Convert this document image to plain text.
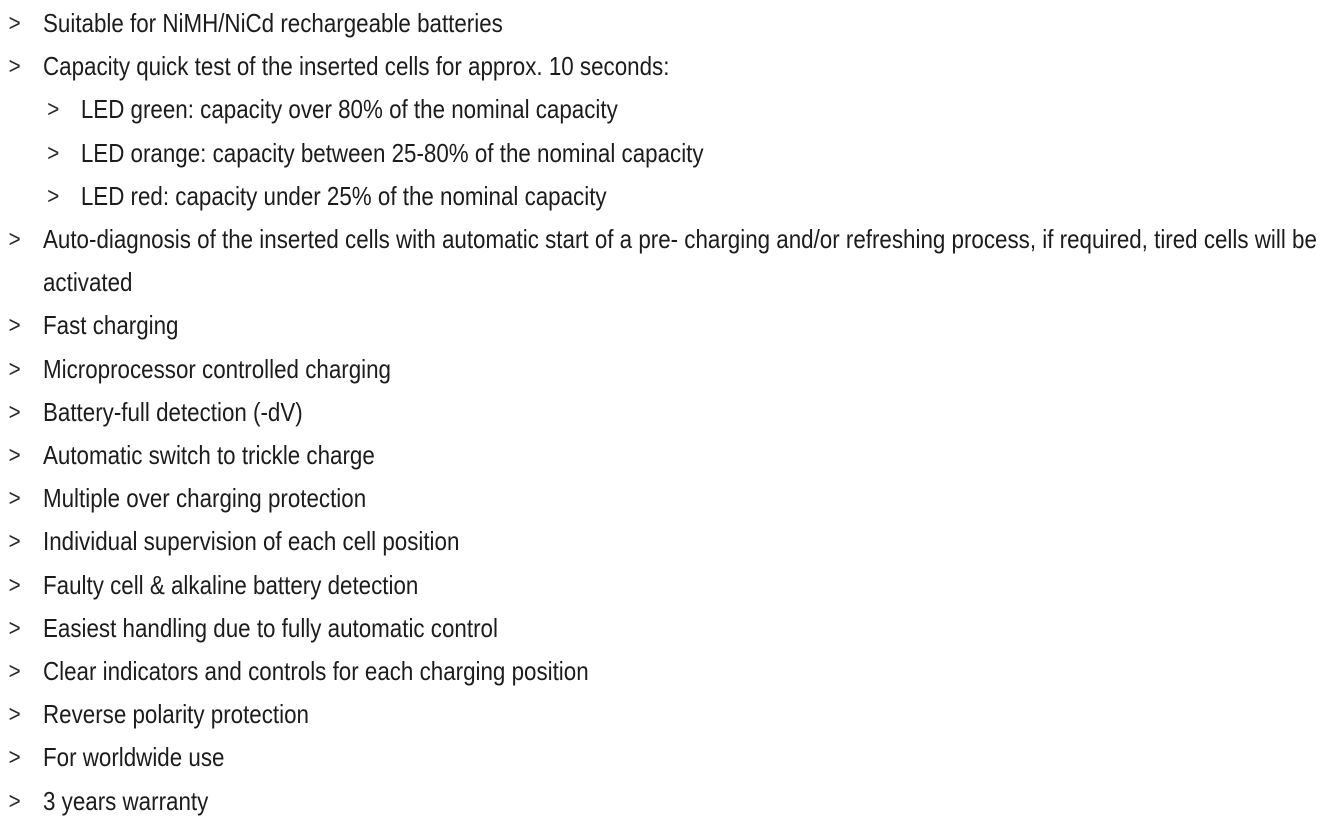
> Suitable for NiMH/NiCd rechargeable batteries
> Capacity quick test of the inserted cells for approx. 10 seconds:
> LED green: capacity over 80% of the nominal capacity
> LED orange: capacity between 25-80% of the nominal capacity
> LED red: capacity under 25% of the nominal capacity
> Auto-diagnosis of the inserted cells with automatic start of a pre- charging and/or refreshing process, if required, tired cells will be activated
> Fast charging
> Microprocessor controlled charging
> Battery-full detection (-dV)
> Automatic switch to trickle charge
> Multiple over charging protection
> Individual supervision of each cell position
> Faulty cell & alkaline battery detection
> Easiest handling due to fully automatic control
> Clear indicators and controls for each charging position
> Reverse polarity protection
> For worldwide use
> 3 years warranty
